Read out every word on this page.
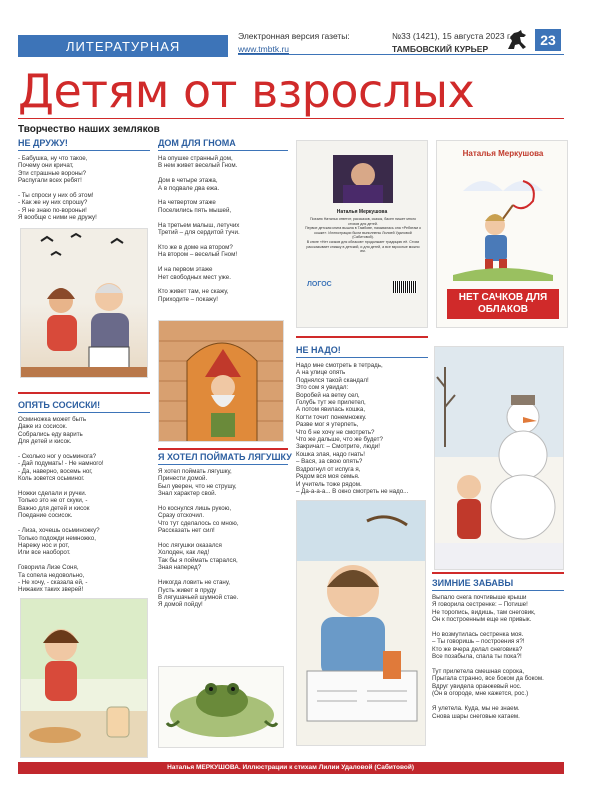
ЛИТЕРАТУРНАЯ
Электронная версия газеты:
www.tmbtk.ru
№33 (1421), 15 августа 2023 г.
ТАМБОВСКИЙ КУРЬЕР
23
Детям от взрослых
Творчество наших земляков
НЕ ДРУЖУ!
- Бабушка, ну что такое,
Почему они кричат,
Эти страшные вороны?
Распугали всех ребят!

- Ты спроси у них об этом!
- Как же ну них спрошу?
- Я не знаю по-вороньи!
Я вообще с ними не дружу!
ОПЯТЬ СОСИСКИ!
Осминожка может быть
Даже из сосисок.
Собрались еду варить
Для детей и кисок.

- Сколько ног у осьминога?
- Дай подумать! - Не намного!
- Да, наверно, восемь ног,
Коль зовется осьминог.

Ножки сделали и ручки.
Только это не от скуки, -
Важно для детей и кисок
Поедание сосисок.

- Лиза, хочешь осьминожку?
Только подожди немножко,
Нарежу нос и рот,
Или все наоборот.

Говорила Лизе Соня,
Та сопела недовольно,
- Не хочу, - сказала ей, -
Нижаких таких зверей!
ДОМ ДЛЯ ГНОМА
На опушке странный дом,
В нем живет веселый Гном.

Дом в четыре этажа,
А в подвале два ежа.

На четвертом этаже
Поселились пять мышей,

На третьем малыш, летучих
Третий – для сердитой тучи.

Кто же в доме на втором?
На втором – веселый Гном!

И на первом этаже
Нет свободных мест уже.

Кто живет там, не скажу,
Приходите – покажу!
Я ХОТЕЛ ПОЙМАТЬ ЛЯГУШКУ
Я хотел поймать лягушку,
Принести домой.
Был уверен, что не струшу,
Знал характер свой.

Но коснулся лишь рукою,
Сразу отскочил.
Что тут сделалось со мною,
Рассказать нет сил!

Нос лягушки оказался
Холоден, как лед!
Так бы я поймать старался,
Зная наперед?

Никогда ловить не стану,
Пусть живет в пруду
В лягушачьей шумной стае.
Я домой пойду!
Наталья Меркушова
Поэзию Наталья ответит, рассказов, сказок, басен пишет много стихов для детей.
Первое детская книга вышла в Тамбове, называлась она «Ребятам о кошке». Иллюстрации были выполнены Лилией Удаловой (Сабитовой).
В книге «Нет сачков для облаков» продолжает традицию её. Стихи рассказывает книжку в детский, и для детей, а все взрослые можно им.
ЛОГОС
Наталья Меркушова
НЕТ САЧКОВ ДЛЯ ОБЛАКОВ
НЕ НАДО!
Надо мне смотреть в тетрадь,
А на улице опять
Поднялся такой скандал!
Это сом я увидал:
Воробей на ветку сел,
Голубь тут же прилетел,
А потом явилась кошка,
Когти точит понемножку.
Разве мог я утерпеть,
Что б не хочу не смотреть?
Что же дальше, что же будет?
Закричал: – Смотрите, люди!
Кошка злая, надо гнать!
– Вася, за свою опять?
Вздрогнул от испуга я,
Рядом вся моя семья.
И учитель тоже рядом.
– Да-а-а-а... В окно смотреть не надо...
ЗИМНИЕ ЗАБАВЫ
Выпало снега почтивыше крыши
Я говорила сестренке: – Потише!
Не торопись, видишь, там снеговик,
Он к построенным еще не привык.

Но возмутилась сестренка моя.
– Ты говоришь – построения я?!
Кто же вчера делал снеговика?
Все позабыла, спала ты пока?!

Тут прилетела смешная сорока,
Прыгала странно, все боком да боком.
Вдруг увидела оранжевый нос.
(Он в огороде, мне кажется, рос.)

Я улетела. Куда, мы не знаем.
Снова шары снеговые катаем.
Наталья МЕРКУШОВА. Иллюстрации к стихам Лилии Удаловой (Сабитовой)
